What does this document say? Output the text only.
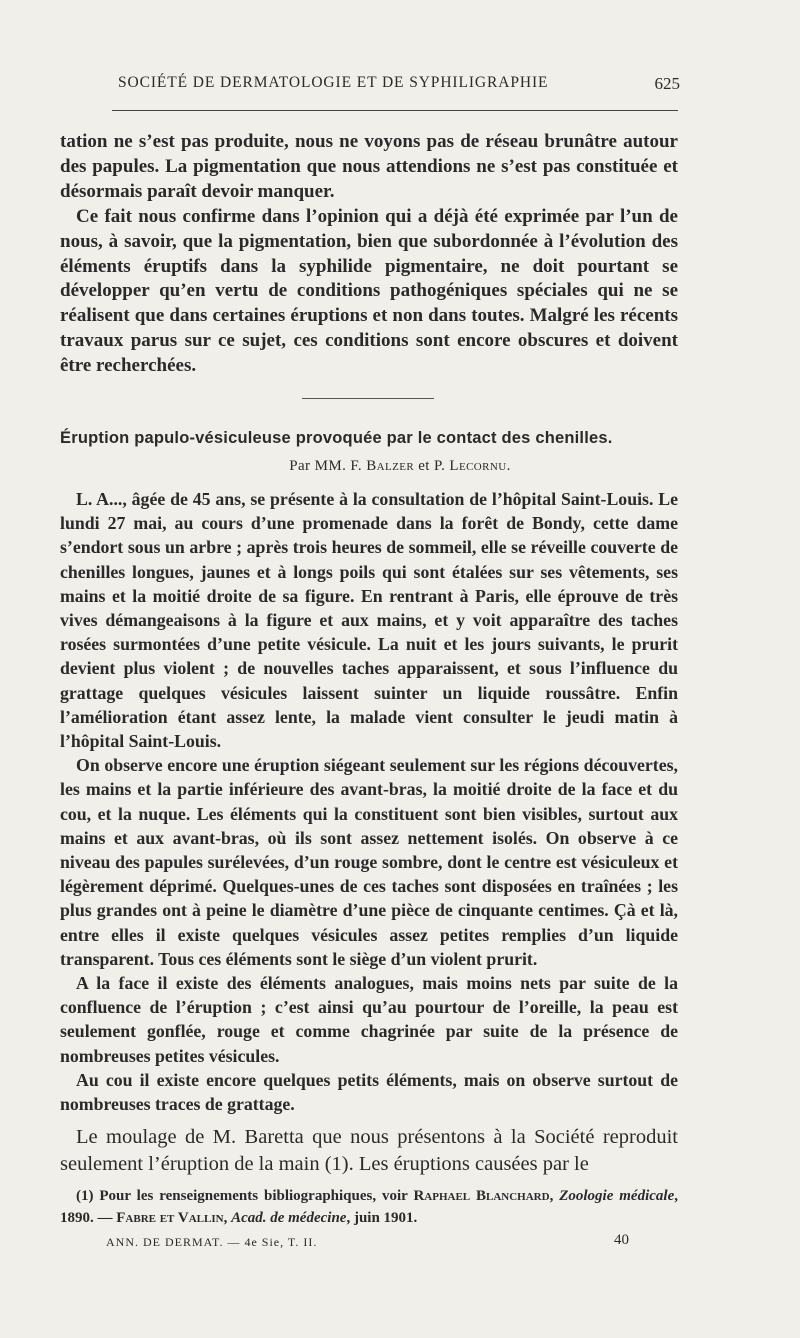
SOCIÉTÉ DE DERMATOLOGIE ET DE SYPHILIGRAPHIE	625

tation ne s’est pas produite, nous ne voyons pas de réseau brunâtre autour des papules. La pigmentation que nous attendions ne s’est pas constituée et désormais paraît devoir manquer.

Ce fait nous confirme dans l’opinion qui a déjà été exprimée par l’un de nous, à savoir, que la pigmentation, bien que subordonnée à l’évolution des éléments éruptifs dans la syphilide pigmentaire, ne doit pourtant se développer qu’en vertu de conditions pathogéniques spéciales qui ne se réalisent que dans certaines éruptions et non dans toutes. Malgré les récents travaux parus sur ce sujet, ces conditions sont encore obscures et doivent être recherchées.

Éruption papulo-vésiculeuse provoquée par le contact des chenilles.
Par MM. F. Balzer et P. Lecornu.

L. A..., âgée de 45 ans, se présente à la consultation de l’hôpital Saint-Louis. Le lundi 27 mai, au cours d’une promenade dans la forêt de Bondy, cette dame s’endort sous un arbre ; après trois heures de sommeil, elle se réveille couverte de chenilles longues, jaunes et à longs poils qui sont étalées sur ses vêtements, ses mains et la moitié droite de sa figure. En rentrant à Paris, elle éprouve de très vives démangeaisons à la figure et aux mains, et y voit apparaître des taches rosées surmontées d’une petite vésicule. La nuit et les jours suivants, le prurit devient plus violent ; de nouvelles taches apparaissent, et sous l’influence du grattage quelques vésicules laissent suinter un liquide roussâtre. Enfin l’amélioration étant assez lente, la malade vient consulter le jeudi matin à l’hôpital Saint-Louis.

On observe encore une éruption siégeant seulement sur les régions découvertes, les mains et la partie inférieure des avant-bras, la moitié droite de la face et du cou, et la nuque. Les éléments qui la constituent sont bien visibles, surtout aux mains et aux avant-bras, où ils sont assez nettement isolés. On observe à ce niveau des papules surélevées, d’un rouge sombre, dont le centre est vésiculeux et légèrement déprimé. Quelques-unes de ces taches sont disposées en traînées ; les plus grandes ont à peine le diamètre d’une pièce de cinquante centimes. Çà et là, entre elles il existe quelques vésicules assez petites remplies d’un liquide transparent. Tous ces éléments sont le siège d’un violent prurit.

A la face il existe des éléments analogues, mais moins nets par suite de la confluence de l’éruption ; c’est ainsi qu’au pourtour de l’oreille, la peau est seulement gonflée, rouge et comme chagrinée par suite de la présence de nombreuses petites vésicules.

Au cou il existe encore quelques petits éléments, mais on observe surtout de nombreuses traces de grattage.

Le moulage de M. Baretta que nous présentons à la Société reproduit seulement l’éruption de la main (1). Les éruptions causées par le

(1) Pour les renseignements bibliographiques, voir Raphael Blanchard, Zoologie médicale, 1890. — Fabre et Vallin, Acad. de médecine, juin 1901.

ANN. DE DERMAT. — 4e Sie, T. II.	40
